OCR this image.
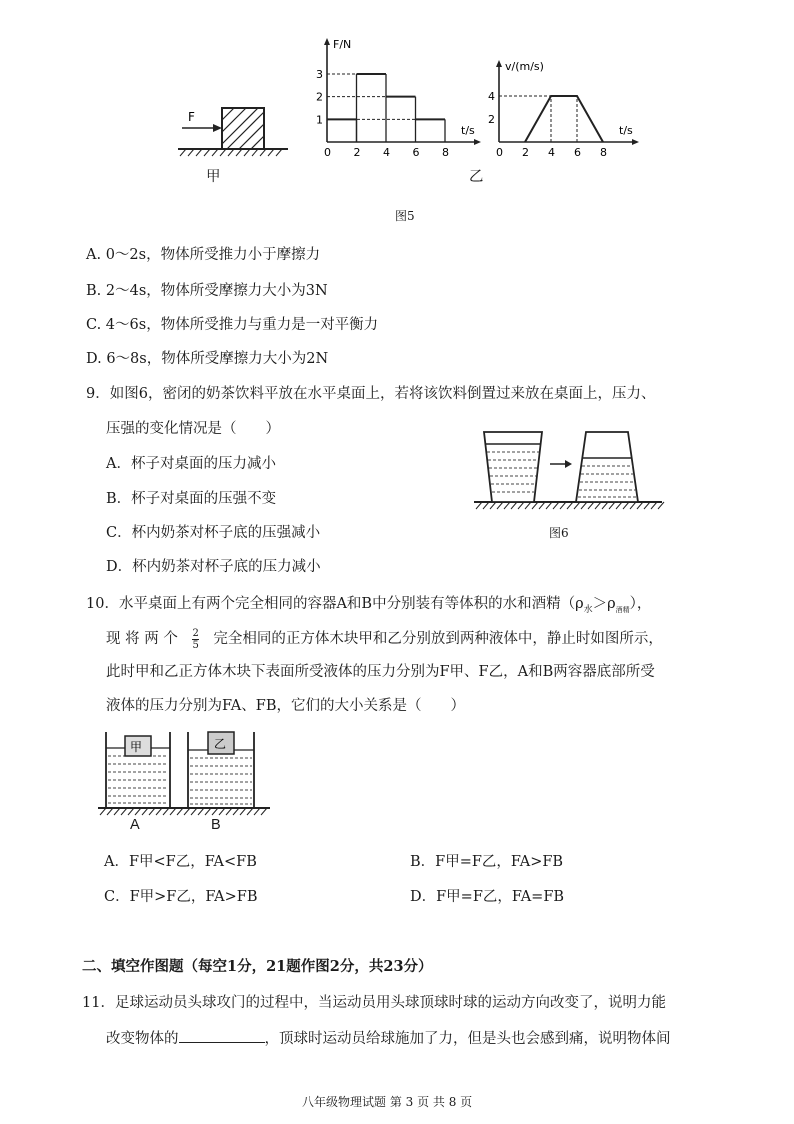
F
F/N
t/s
0 2 4 6 8
1
2
3
v/(m/s)
t/s
0 2 4 6 8
2
4
甲	乙
图5
A. 0～2s，物体所受推力小于摩擦力
B. 2～4s，物体所受摩擦力大小为3N
C. 4～6s，物体所受推力与重力是一对平衡力
D. 6～8s，物体所受摩擦力大小为2N
9．如图6，密闭的奶茶饮料平放在水平桌面上，若将该饮料倒置过来放在桌面上，压力、
压强的变化情况是（　　）
A．杯子对桌面的压力减小
B．杯子对桌面的压强不变
C．杯内奶茶对杯子底的压强减小
D．杯内奶茶对杯子底的压力减小
图6
10．水平桌面上有两个完全相同的容器A和B中分别装有等体积的水和酒精$(\rho_水>\rho_{酒精})$，
现 将 两 个 $\frac{2}{5}$ 完全相同的正方体木块甲和乙分别放到两种液体中，静止时如图所示，
此时甲和乙正方体木块下表面所受液体的压力分别为F甲、F乙，A和B两容器底部所受
液体的压力分别为FA、FB，它们的大小关系是（　　）
甲	乙
A	B
A．F甲<F乙，FA<FB	B．F甲=F乙，FA>FB
C．F甲>F乙，FA>FB	D．F甲=F乙，FA=FB
二、填空作图题（每空1分，21题作图2分，共23分）
11．足球运动员头球攻门的过程中，当运动员用头球顶球时球的运动方向改变了，说明力能
改变物体的	，顶球时运动员给球施加了力，但是头也会感到痛，说明物体间
八年级物理试题 第 3 页 共 8 页
